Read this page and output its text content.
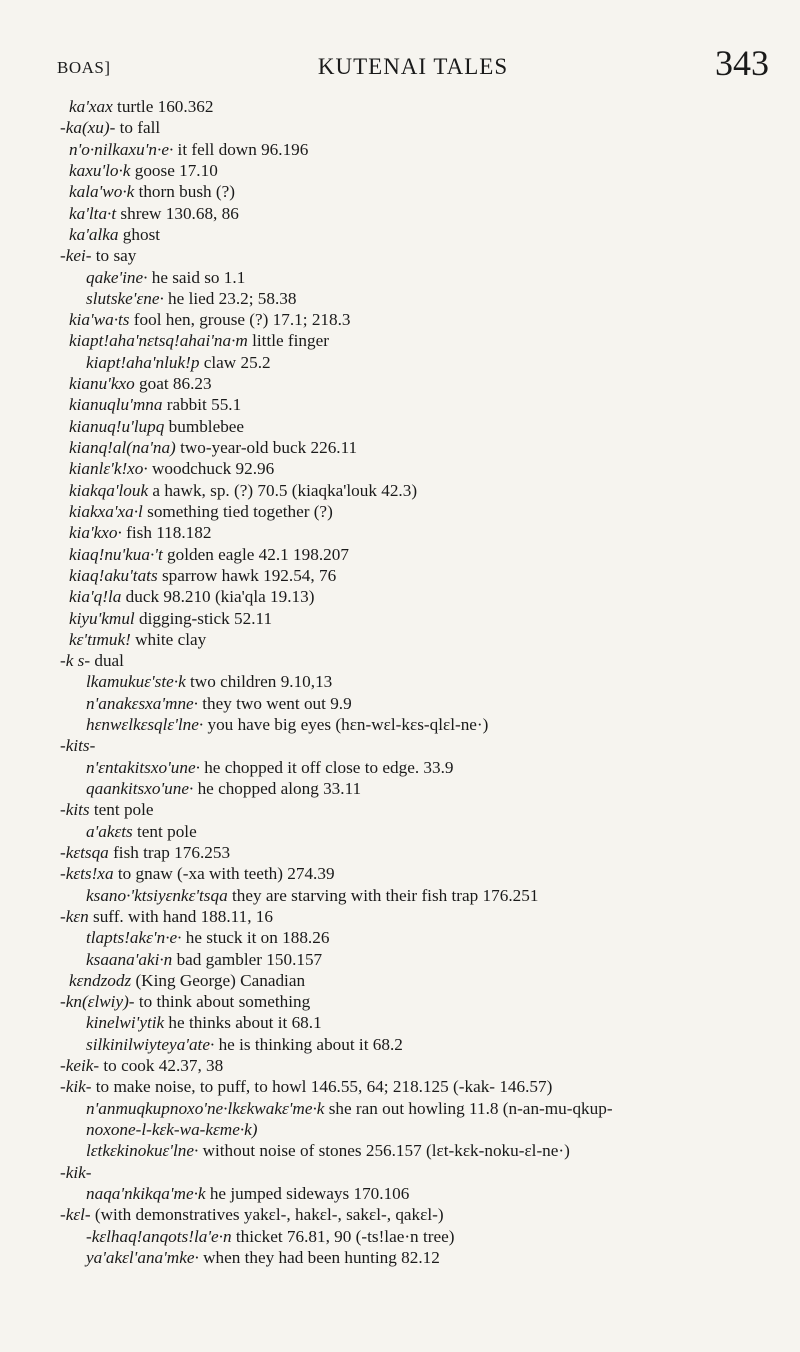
BOAS]	KUTENAI TALES	343
ka'xax turtle 160.362
-ka(xu)- to fall
n'o·nilkaxu'n·e· it fell down 96.196
kaxu'lo·k goose 17.10
kala'wo·k thorn bush (?)
ka'lta·t shrew 130.68, 86
ka'alka ghost
-kei- to say
qake'ine· he said so 1.1
slutske'ɛne· he lied 23.2; 58.38
kia'wa·ts fool hen, grouse (?) 17.1; 218.3
kiapt!aha'nɛtsq!ahai'na·m little finger
kiapt!aha'nluk!p claw 25.2
kianu'kxo goat 86.23
kianuqlu'mna rabbit 55.1
kianuq!u'lupq bumblebee
kianq!al(na'na) two-year-old buck 226.11
kianlɛ'k!xo· woodchuck 92.96
kiakqa'louk a hawk, sp. (?) 70.5 (kiaqka'louk 42.3)
kiakxa'xa·l something tied together (?)
kia'kxo· fish 118.182
kiaq!nu'kua·'t golden eagle 42.1 198.207
kiaq!aku'tats sparrow hawk 192.54, 76
kia'q!la duck 98.210 (kia'qla 19.13)
kiyu'kmul digging-stick 52.11
kɛ'tɪmuk! white clay
-k s- dual
lkamukuɛ'ste·k two children 9.10,13
n'anakɛsxa'mne· they two went out 9.9
hɛnwɛlkɛsqlɛ'lne· you have big eyes (hɛn-wɛl-kɛs-qlɛl-ne·)
-kits-
n'ɛntakitsxo'une· he chopped it off close to edge. 33.9
qaankitsxo'une· he chopped along 33.11
-kits tent pole
a'akɛts tent pole
-kɛtsqa fish trap 176.253
-kɛts!xa to gnaw (-xa with teeth) 274.39
ksano·'ktsiyɛnkɛ'tsqa they are starving with their fish trap 176.251
-kɛn suff. with hand 188.11, 16
tlapts!akɛ'n·e· he stuck it on 188.26
ksaana'aki·n bad gambler 150.157
kɛndzodz (King George) Canadian
-kn(ɛlwiy)- to think about something
kinelwi'ytik he thinks about it 68.1
silkinilwiyteya'ate· he is thinking about it 68.2
-keik- to cook 42.37, 38
-kik- to make noise, to puff, to howl 146.55, 64; 218.125 (-kak- 146.57)
n'anmuqkupnoxo'ne·lkɛkwakɛ'me·k she ran out howling 11.8 (n-an-mu-qkup-
noxone-l-kɛk-wa-kɛme·k)
lɛtkɛkinokuɛ'lne· without noise of stones 256.157 (lɛt-kɛk-noku-ɛl-ne·)
-kik-
naqa'nkikqa'me·k he jumped sideways 170.106
-kɛl- (with demonstratives yakɛl-, hakɛl-, sakɛl-, qakɛl-)
-kɛlhaq!anqots!la'e·n thicket 76.81, 90 (-ts!lae·n tree)
ya'akɛl'ana'mke· when they had been hunting 82.12
